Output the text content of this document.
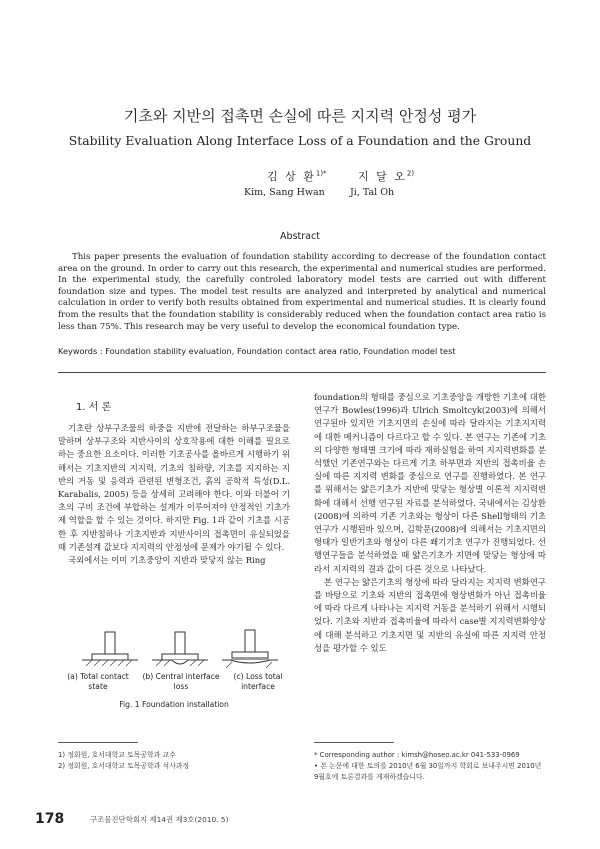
기초와 지반의 접촉면 손실에 따른 지지력 안정성 평가
Stability Evaluation Along Interface Loss of a Foundation and the Ground
김 상 환$^{1)*}$	지 달 오$^{2)}$
Kim, Sang Hwan	Ji, Tal Oh
Abstract
This paper presents the evaluation of foundation stability according to decrease of the foundation contact area on the ground. In order to carry out this research, the experimental and numerical studies are performed. In the experimental study, the carefully controled laboratory model tests are carried out with different foundation size and types. The model test results are analyzed and interpreted by analytical and numerical calculation in order to verify both results obtained from experimental and numerical studies. It is clearly found from the results that the foundation stability is considerably reduced when the foundation contact area ratio is less than 75%. This research may be very useful to develop the economical foundation type.
Keywords : Foundation stability evaluation, Foundation contact area ratio, Foundation model test
1. 서 론

기초란 상부구조물의 하중을 지반에 전달하는 하부구조물을 말하며 상부구조와 지반사이의 상호작용에 대한 이해를 필요로 하는 중요한 요소이다. 이러한 기초공사를 올바르게 시행하기 위해서는 기초지반의 지지력, 기초의 침하량, 기초를 지지하는 지반의 거동 및 응력과 관련된 변형조건, 흙의 공학적 특성(D.L. Karabalis, 2005) 등을 상세히 고려해야 한다. 이와 더불어 기초의 구비 조건에 부합하는 설계가 이루어져야 안정적인 기초가 제 역할을 할 수 있는 것이다. 하지만 Fig. 1과 같이 기초를 시공 한 후 지반침하나 기초지반과 지반사이의 접촉면이 유실되었을 때 기존설계 값보다 지지력의 안정성에 문제가 야기될 수 있다.

국외에서는 이미 기초중앙이 지반과 맞닿지 않는 Ring

(a) Total contact
state
(b) Central interface
loss
(c) Loss total
interface
Fig. 1 Foundation installation

foundation의 형태를 중심으로 기초중앙을 개방한 기초에 대한 연구가 Bowles(1996)과 Ulrich Smoltcyk(2003)에 의해서 연구된바 있지만 기초지면의 손실에 따라 달라지는 기초지지력에 대한 메커니즘이 다르다고 할 수 있다. 본 연구는 기존에 기초의 다양한 형태별 크기에 따라 재하실험을 하여 지지력변화를 분석했던 기존연구와는 다르게 기초 하부면과 지반의 접촉비율 손실에 따른 지지력 변화를 중심으로 연구를 진행하였다. 본 연구를 위해서는 얇은기초가 지반에 맞닿는 형상별 이론적 지지력변화에 대해서 선행 연구된 자료를 분석하였다. 국내에서는 김상환(2008)에 의하여 기존 기초와는 형상이 다른 Shell형태의 기초연구가 시행된바 있으며, 김학문(2008)에 의해서는 기초지면의 형태가 일반기초와 형상이 다른 쐐기기초 연구가 진행되었다. 선행연구들을 분석하였을 때 얇은기초가 지면에 맞닿는 형상에 따라서 지지력의 결과 값이 다른 것으로 나타났다.

본 연구는 얇은기초의 형상에 따라 달라지는 지지력 변화연구를 바탕으로 기초와 지반의 접촉면에 형상변화가 아닌 접촉비율에 따라 다르게 나타나는 지지력 거동을 분석하기 위해서 시행되었다. 기초와 지반과 접촉비율에 따라서 case별 지지력변화양상에 대해 분석하고 기초지면 및 지반의 유실에 따른 지지력 안정성을 평가할 수 있도

1) 정회원, 호서대학교 토목공학과 교수
2) 정회원, 호서대학교 토목공학과 석사과정
* Corresponding author : kimsh@hoseo.ac.kr 041-533-0969
• 본 논문에 대한 토의를 2010년 6월 30일까지 학회로 보내주시면 2010년 9월호에 토론결과를 게재하겠습니다.
178	구조물진단학회지 제14권 제3호(2010. 5)
